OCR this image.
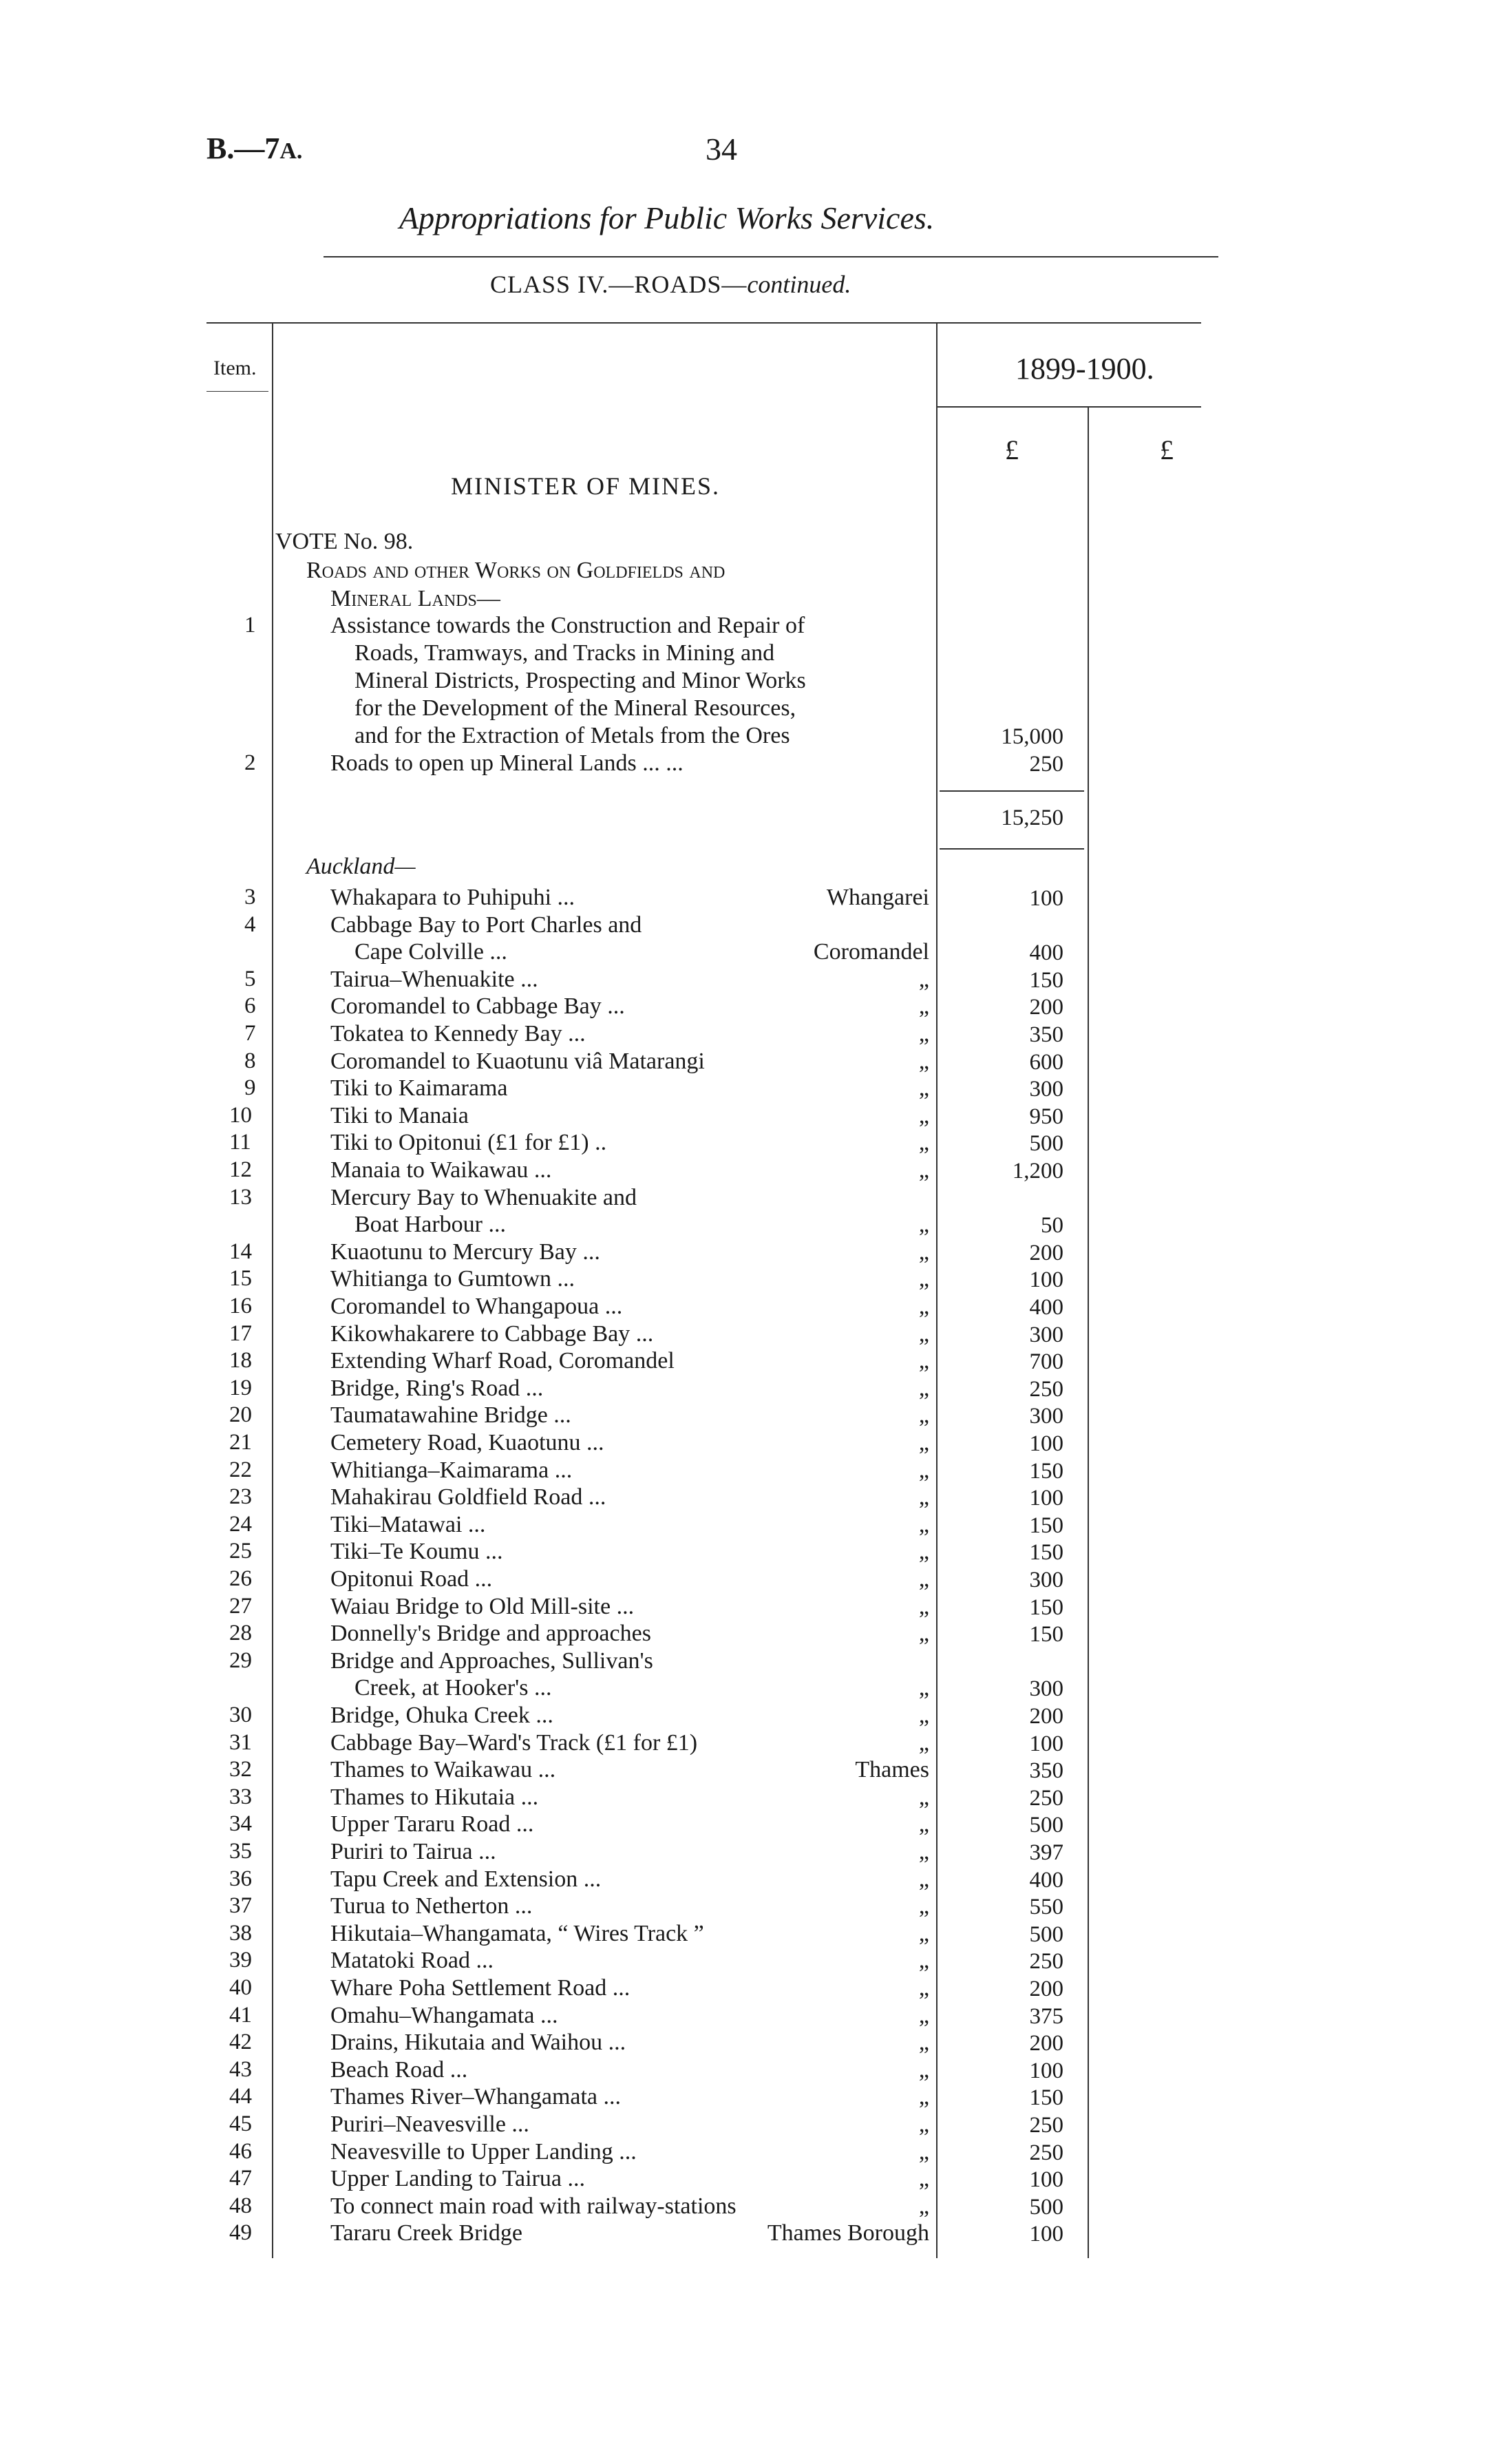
B.—7A.	34
Appropriations for Public Works Services.
CLASS IV.—ROADS—continued.
Item.	1899-1900.
£	£
MINISTER OF MINES.
VOTE No. 98.
Roads and other Works on Goldfields and
Mineral Lands—
1	Assistance towards the Construction and Repair of
Roads, Tramways, and Tracks in Mining and
Mineral Districts, Prospecting and Minor Works
for the Development of the Mineral Resources,
and for the Extraction of Metals from the Ores	15,000
2	Roads to open up Mineral Lands ... ...	250
15,250
Auckland—
3	Whakapara to Puhipuhi ...	Whangarei	100
4	Cabbage Bay to Port Charles and
Cape Colville ...	Coromandel	400
5	Tairua–Whenuakite ...	„	150
6	Coromandel to Cabbage Bay ...	„	200
7	Tokatea to Kennedy Bay ...	„	350
8	Coromandel to Kuaotunu viâ Matarangi	„	600
9	Tiki to Kaimarama	„	300
10	Tiki to Manaia	„	950
11	Tiki to Opitonui (£1 for £1) ..	„	500
12	Manaia to Waikawau ...	„	1,200
13	Mercury Bay to Whenuakite and
Boat Harbour ...	„	50
14	Kuaotunu to Mercury Bay ...	„	200
15	Whitianga to Gumtown ...	„	100
16	Coromandel to Whangapoua ...	„	400
17	Kikowhakarere to Cabbage Bay ...	„	300
18	Extending Wharf Road, Coromandel	„	700
19	Bridge, Ring's Road ...	„	250
20	Taumatawahine Bridge ...	„	300
21	Cemetery Road, Kuaotunu ...	„	100
22	Whitianga–Kaimarama ...	„	150
23	Mahakirau Goldfield Road ...	„	100
24	Tiki–Matawai ...	„	150
25	Tiki–Te Koumu ...	„	150
26	Opitonui Road ...	„	300
27	Waiau Bridge to Old Mill-site ...	„	150
28	Donnelly's Bridge and approaches	„	150
29	Bridge and Approaches, Sullivan's
Creek, at Hooker's ...	„	300
30	Bridge, Ohuka Creek ...	„	200
31	Cabbage Bay–Ward's Track (£1 for £1)	„	100
32	Thames to Waikawau ...	Thames	350
33	Thames to Hikutaia ...	„	250
34	Upper Tararu Road ...	„	500
35	Puriri to Tairua ...	„	397
36	Tapu Creek and Extension ...	„	400
37	Turua to Netherton ...	„	550
38	Hikutaia–Whangamata, “ Wires Track ”	„	500
39	Matatoki Road ...	„	250
40	Whare Poha Settlement Road ...	„	200
41	Omahu–Whangamata ...	„	375
42	Drains, Hikutaia and Waihou ...	„	200
43	Beach Road ...	„	100
44	Thames River–Whangamata ...	„	150
45	Puriri–Neavesville ...	„	250
46	Neavesville to Upper Landing ...	„	250
47	Upper Landing to Tairua ...	„	100
48	To connect main road with railway-stations	„	500
49	Tararu Creek Bridge	Thames Borough	100
